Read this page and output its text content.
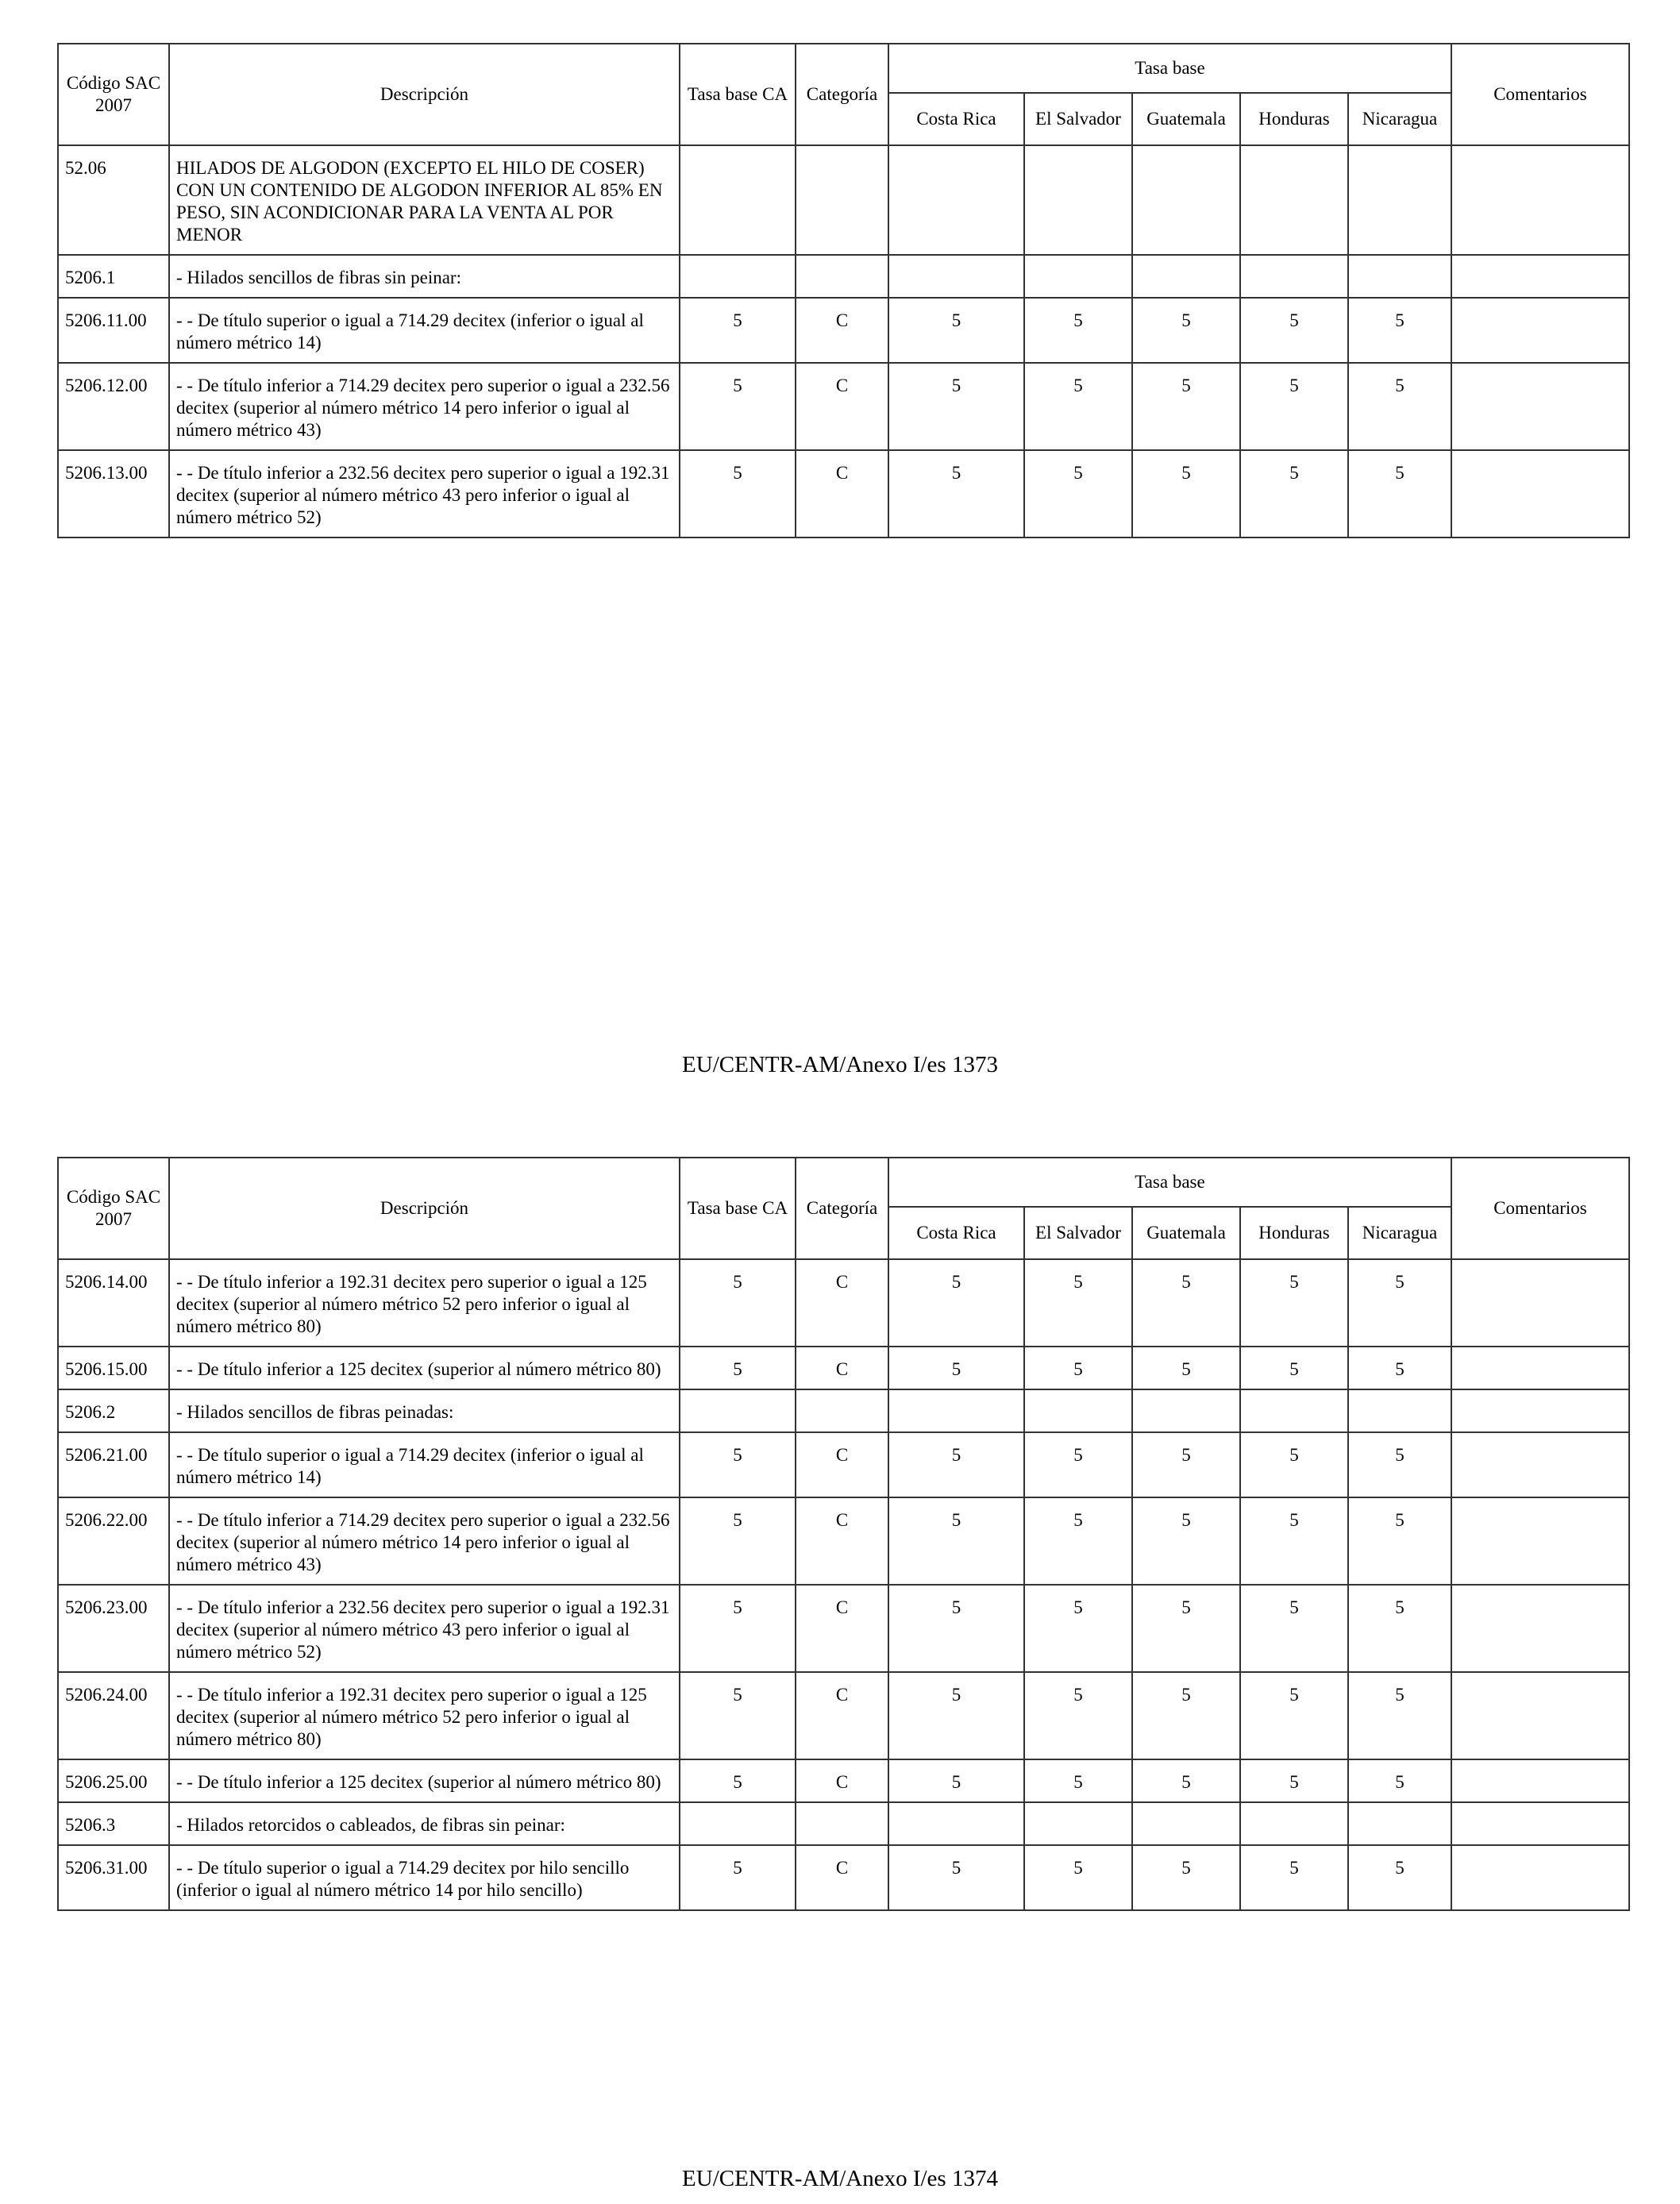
Código SAC 2007	Descripción	Tasa base CA	Categoría	Tasa base					Comentarios
				Costa Rica	El Salvador	Guatemala	Honduras	Nicaragua	
52.06	HILADOS DE ALGODON (EXCEPTO EL HILO DE COSER) CON UN CONTENIDO DE ALGODON INFERIOR AL 85% EN PESO, SIN ACONDICIONAR PARA LA VENTA AL POR MENOR								
5206.1	- Hilados sencillos de fibras sin peinar:								
5206.11.00	- - De título superior o igual a 714.29 decitex (inferior o igual al número métrico 14)	5	C	5	5	5	5	5	
5206.12.00	- - De título inferior a 714.29 decitex pero superior o igual a 232.56 decitex (superior al número métrico 14 pero inferior o igual al número métrico 43)	5	C	5	5	5	5	5	
5206.13.00	- - De título inferior a 232.56 decitex pero superior o igual a 192.31 decitex (superior al número métrico 43 pero inferior o igual al número métrico 52)	5	C	5	5	5	5	5	
EU/CENTR-AM/Anexo I/es 1373
Código SAC 2007	Descripción	Tasa base CA	Categoría	Tasa base					Comentarios
				Costa Rica	El Salvador	Guatemala	Honduras	Nicaragua	
5206.14.00	- - De título inferior a 192.31 decitex pero superior o igual a 125 decitex (superior al número métrico 52 pero inferior o igual al número métrico 80)	5	C	5	5	5	5	5	
5206.15.00	- - De título inferior a 125 decitex (superior al número métrico 80)	5	C	5	5	5	5	5	
5206.2	- Hilados sencillos de fibras peinadas:								
5206.21.00	- - De título superior o igual a 714.29 decitex (inferior o igual al número métrico 14)	5	C	5	5	5	5	5	
5206.22.00	- - De título inferior a 714.29 decitex pero superior o igual a 232.56 decitex (superior al número métrico 14 pero inferior o igual al número métrico 43)	5	C	5	5	5	5	5	
5206.23.00	- - De título inferior a 232.56 decitex pero superior o igual a 192.31 decitex (superior al número métrico 43 pero inferior o igual al número métrico 52)	5	C	5	5	5	5	5	
5206.24.00	- - De título inferior a 192.31 decitex pero superior o igual a 125 decitex (superior al número métrico 52 pero inferior o igual al número métrico 80)	5	C	5	5	5	5	5	
5206.25.00	- - De título inferior a 125 decitex (superior al número métrico 80)	5	C	5	5	5	5	5	
5206.3	- Hilados retorcidos o cableados, de fibras sin peinar:								
5206.31.00	- - De título superior o igual a 714.29 decitex por hilo sencillo (inferior o igual al número métrico 14 por hilo sencillo)	5	C	5	5	5	5	5	
EU/CENTR-AM/Anexo I/es 1374
